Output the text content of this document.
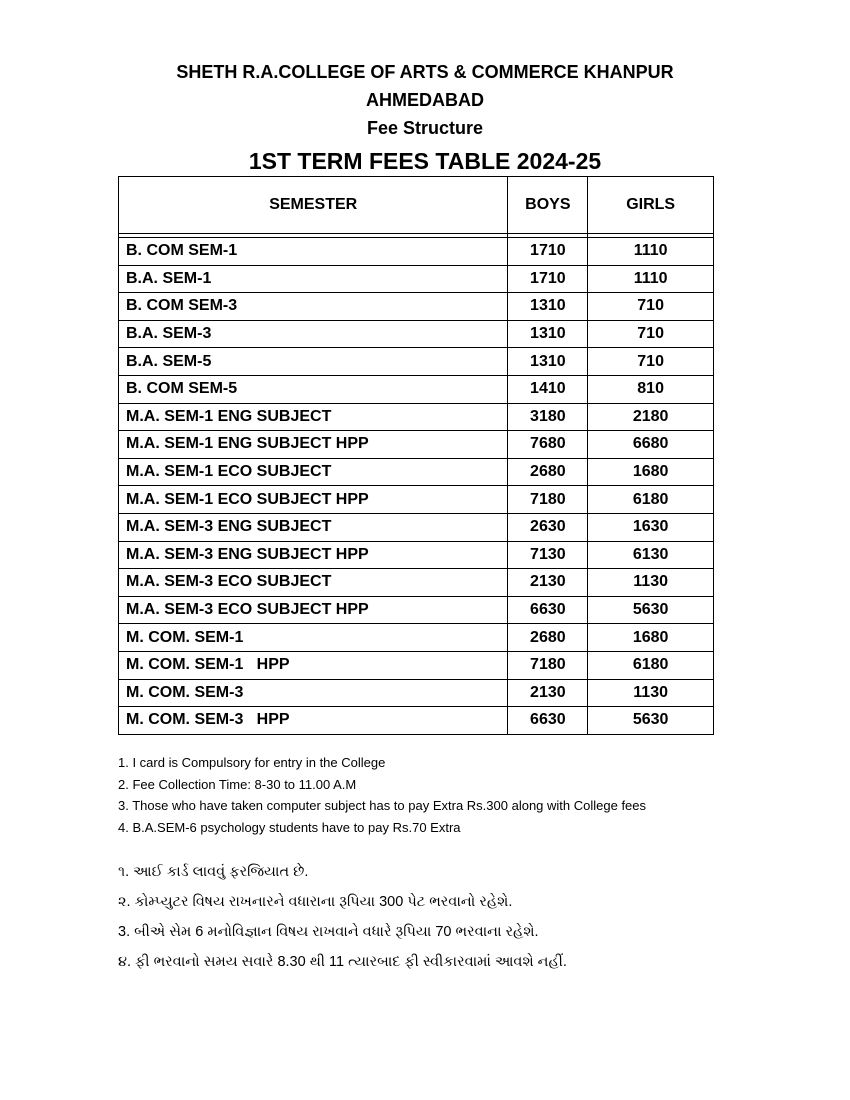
SHETH R.A.COLLEGE OF ARTS & COMMERCE KHANPUR
AHMEDABAD
Fee Structure
1ST TERM FEES TABLE 2024-25
SEMESTER	BOYS	GIRLS

B. COM SEM-1	1710	1110
B.A. SEM-1	1710	1110
B. COM SEM-3	1310	710
B.A. SEM-3	1310	710
B.A. SEM-5	1310	710
B. COM SEM-5	1410	810
M.A. SEM-1 ENG SUBJECT	3180	2180
M.A. SEM-1 ENG SUBJECT HPP	7680	6680
M.A. SEM-1 ECO SUBJECT	2680	1680
M.A. SEM-1 ECO SUBJECT HPP	7180	6180
M.A. SEM-3 ENG SUBJECT	2630	1630
M.A. SEM-3 ENG SUBJECT HPP	7130	6130
M.A. SEM-3 ECO SUBJECT	2130	1130
M.A. SEM-3 ECO SUBJECT HPP	6630	5630
M. COM. SEM-1	2680	1680
M. COM. SEM-1   HPP	7180	6180
M. COM. SEM-3	2130	1130
M. COM. SEM-3   HPP	6630	5630
1. I card is Compulsory for entry in the College
2. Fee Collection Time: 8-30 to 11.00 A.M
3. Those who have taken computer subject has to pay Extra Rs.300 along with College fees
4. B.A.SEM-6 psychology students have to pay Rs.70 Extra
૧. આઈ કાર્ડ લાવવું ફરજિયાત છે.
૨. કોમ્પ્યુટર વિષય રાખનારને વધારાના રૂપિયા 300 પેટ ભરવાનો રહેશે.
3. બીએ સેમ 6 મનોવિજ્ઞાન વિષય રાખવાને વધારે રૂપિયા 70 ભરવાના રહેશે.
૪. ફી ભરવાનો સમય સવારે 8.30 થી 11 ત્યારબાદ ફી સ્વીકારવામાં આવશે નહીં.
